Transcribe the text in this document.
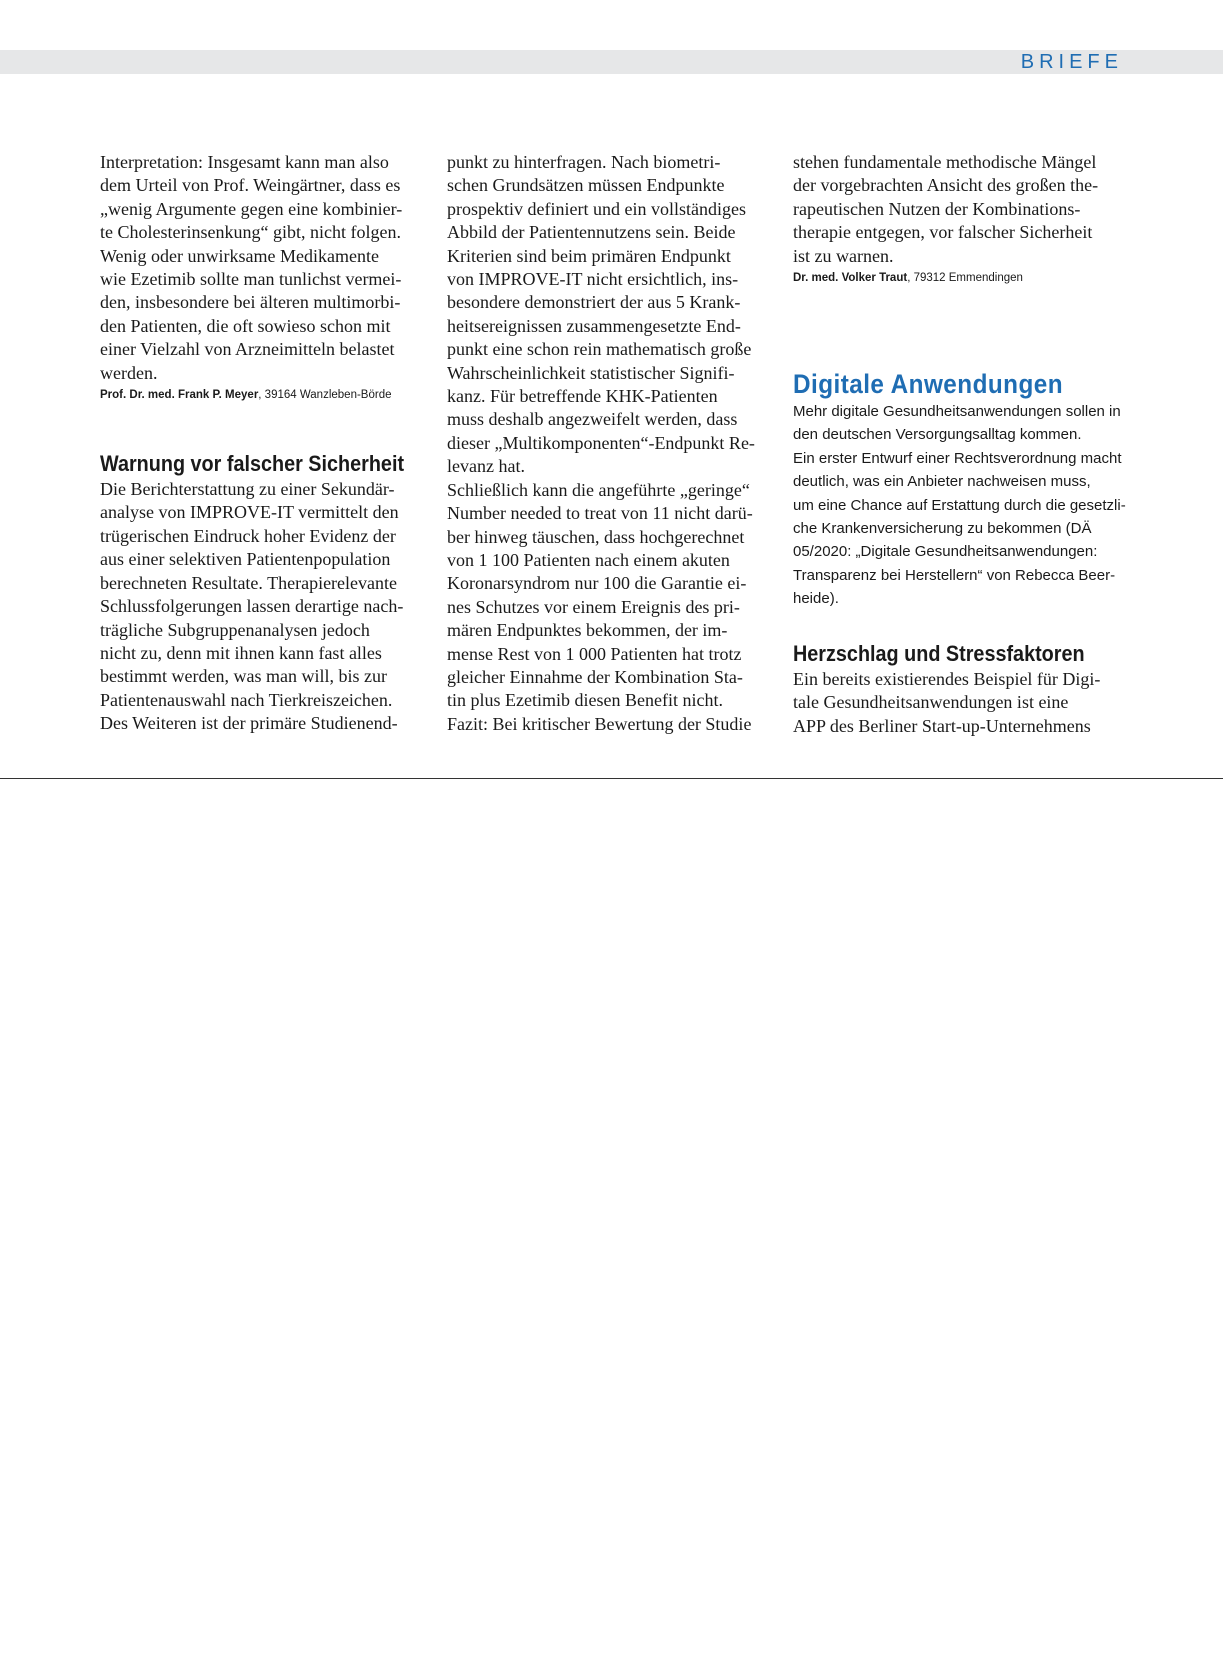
BRIEFE

Interpretation: Insgesamt kann man also
dem Urteil von Prof. Weingärtner, dass es
„wenig Argumente gegen eine kombinier-
te Cholesterinsenkung“ gibt, nicht folgen.
Wenig oder unwirksame Medikamente
wie Ezetimib sollte man tunlichst vermei-
den, insbesondere bei älteren multimorbi-
den Patienten, die oft sowieso schon mit
einer Vielzahl von Arzneimitteln belastet
werden.

Prof. Dr. med. Frank P. Meyer, 39164 Wanzleben-Börde

Warnung vor falscher Sicherheit

Die Berichterstattung zu einer Sekundär-
analyse von IMPROVE-IT vermittelt den
trügerischen Eindruck hoher Evidenz der
aus einer selektiven Patientenpopulation
berechneten Resultate. Therapierelevante
Schlussfolgerungen lassen derartige nach-
trägliche Subgruppenanalysen jedoch
nicht zu, denn mit ihnen kann fast alles
bestimmt werden, was man will, bis zur
Patientenauswahl nach Tierkreiszeichen.
Des Weiteren ist der primäre Studienend-

punkt zu hinterfragen. Nach biometri-
schen Grundsätzen müssen Endpunkte
prospektiv definiert und ein vollständiges
Abbild der Patientennutzens sein. Beide
Kriterien sind beim primären Endpunkt
von IMPROVE-IT nicht ersichtlich, ins-
besondere demonstriert der aus 5 Krank-
heitsereignissen zusammengesetzte End-
punkt eine schon rein mathematisch große
Wahrscheinlichkeit statistischer Signifi-
kanz. Für betreffende KHK-Patienten
muss deshalb angezweifelt werden, dass
dieser „Multikomponenten“-Endpunkt Re-
levanz hat.
Schließlich kann die angeführte „geringe“
Number needed to treat von 11 nicht darü-
ber hinweg täuschen, dass hochgerechnet
von 1 100 Patienten nach einem akuten
Koronarsyndrom nur 100 die Garantie ei-
nes Schutzes vor einem Ereignis des pri-
mären Endpunktes bekommen, der im-
mense Rest von 1 000 Patienten hat trotz
gleicher Einnahme der Kombination Sta-
tin plus Ezetimib diesen Benefit nicht.
Fazit: Bei kritischer Bewertung der Studie

stehen fundamentale methodische Mängel
der vorgebrachten Ansicht des großen the-
rapeutischen Nutzen der Kombinations-
therapie entgegen, vor falscher Sicherheit
ist zu warnen.

Dr. med. Volker Traut, 79312 Emmendingen

Digitale Anwendungen

Mehr digitale Gesundheitsanwendungen sollen in
den deutschen Versorgungsalltag kommen.
Ein erster Entwurf einer Rechtsverordnung macht
deutlich, was ein Anbieter nachweisen muss,
um eine Chance auf Erstattung durch die gesetzli-
che Krankenversicherung zu bekommen (DÄ
05/2020: „Digitale Gesundheitsanwendungen:
Transparenz bei Herstellern“ von Rebecca Beer-
heide).

Herzschlag und Stressfaktoren

Ein bereits existierendes Beispiel für Digi-
tale Gesundheitsanwendungen ist eine
APP des Berliner Start-up-Unternehmens
